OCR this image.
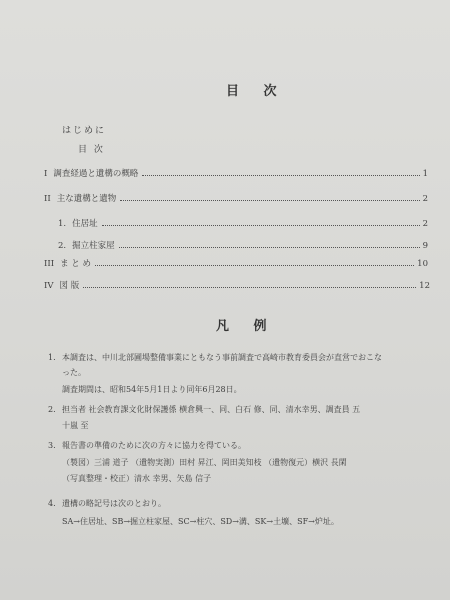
目 次
はじめに
目 次
I 調査経過と遺構の概略	1
II 主な遺構と遺物	2
1. 住居址	2
2. 掘立柱家屋	9
III ま と め	10
IV 図 版	12
凡 例
1. 本調査は、中川北部圃場整備事業にともなう事前調査で高崎市教育委員会が直営でおこな
った。
調査期間は、昭和54年5月1日より同年6月28日。
2. 担当者 社会教育課文化財保護係 横倉興一、同、白石 修、同、清水幸男、調査員 五
十嵐 至
3. 報告書の準備のために次の方々に協力を得ている。
（製図）三浦 道子 （遺物実測）田村 昇江、岡田美知枝 （遺物復元）横沢 長閑
（写真整理・校正）清水 幸男、矢島 信子
4. 遺構の略記号は次のとおり。
SA→住居址、SB→掘立柱家屋、SC→柱穴、SD→溝、SK→土壙、SF→炉址。
